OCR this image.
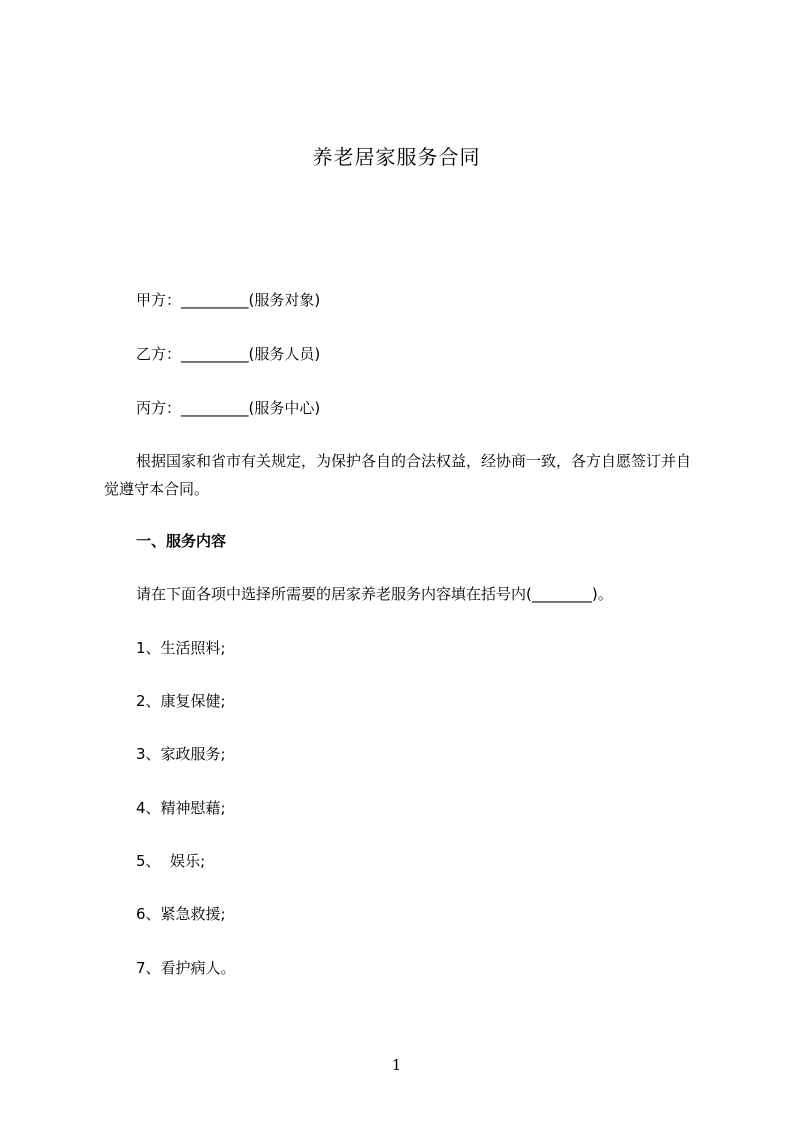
养老居家服务合同
甲方：_________(服务对象)
乙方：_________(服务人员)
丙方：_________(服务中心)
根据国家和省市有关规定，为保护各自的合法权益，经协商一致，各方自愿签订并自觉遵守本合同。
一、服务内容
请在下面各项中选择所需要的居家养老服务内容填在括号内(________)。
1、生活照料;
2、康复保健;
3、家政服务;
4、精神慰藉;
5、  娱乐;
6、紧急救援;
7、看护病人。
1
